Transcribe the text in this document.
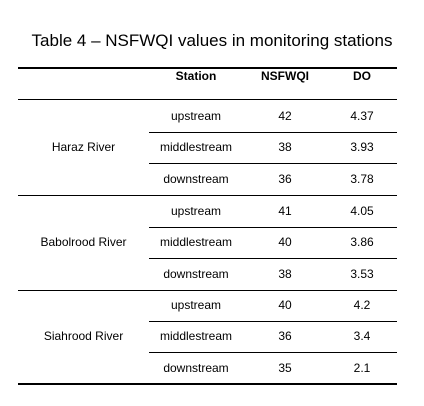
Table 4 – NSFWQI values in monitoring stations
Station	NSFWQI	DO
Haraz River
upstream	42	4.37
middlestream	38	3.93
downstream	36	3.78
Babolrood River
upstream	41	4.05
middlestream	40	3.86
downstream	38	3.53
Siahrood River
upstream	40	4.2
middlestream	36	3.4
downstream	35	2.1
